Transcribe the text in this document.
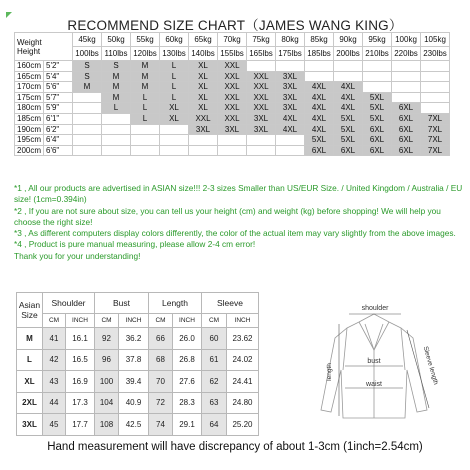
RECOMMEND SIZE CHART（JAMES WANG KING）
Weight
Height		45kg	50kg	55kg	60kg	65kg	70kg	75kg	80kg	85kg	90kg	95kg	100kg	105kg
		100lbs	110lbs	120lbs	130lbs	140lbs	155lbs	165lbs	175lbs	185lbs	200lbs	210lbs	220lbs	230lbs
160cm	5'2"	S	S	M	L	XL	XXL							
165cm	5'4"	S	M	M	L	XL	XXL	XXL	3XL					
170cm	5'6"	M	M	M	L	XL	XXL	XXL	3XL	4XL	4XL			
175cm	5'7"		M	L	L	XL	XXL	XXL	3XL	4XL	4XL	5XL		
180cm	5'9"		L	L	XL	XL	XXL	XXL	3XL	4XL	4XL	5XL	6XL	
185cm	6'1"			L	XL	XXL	XXL	3XL	4XL	4XL	5XL	5XL	6XL	7XL
190cm	6'2"					3XL	3XL	3XL	4XL	4XL	5XL	6XL	6XL	7XL
195cm	6'4"									5XL	5XL	6XL	6XL	7XL
200cm	6'6"									6XL	6XL	6XL	6XL	7XL

*1 , All our products are advertised in ASIAN size!!! 2-3 sizes Smaller than US/EUR Size. / United Kingdom / Australia / EU size! (1cm=0.394in)

*2 , If you are not sure about size, you can tell us your height (cm) and weight (kg) before shopping! We will help you choose the right size!

*3 , As different computers display colors differently, the color of the actual item may vary slightly from the above images.

*4 , Product is pure manual measuring, please allow 2-4 cm error!

Thank you for your understanding!

Asian Size	Shoulder		Bust		Length		Sleeve	
	CM	INCH	CM	INCH	CM	INCH	CM	INCH
M	41	16.1	92	36.2	66	26.0	60	23.62
L	42	16.5	96	37.8	68	26.8	61	24.02
XL	43	16.9	100	39.4	70	27.6	62	24.41
2XL	44	17.3	104	40.9	72	28.3	63	24.80
3XL	45	17.7	108	42.5	74	29.1	64	25.20
shoulder
bust
waist
length	Sleeve length
Hand measurement will have discrepancy of about 1-3cm (1inch=2.54cm)
